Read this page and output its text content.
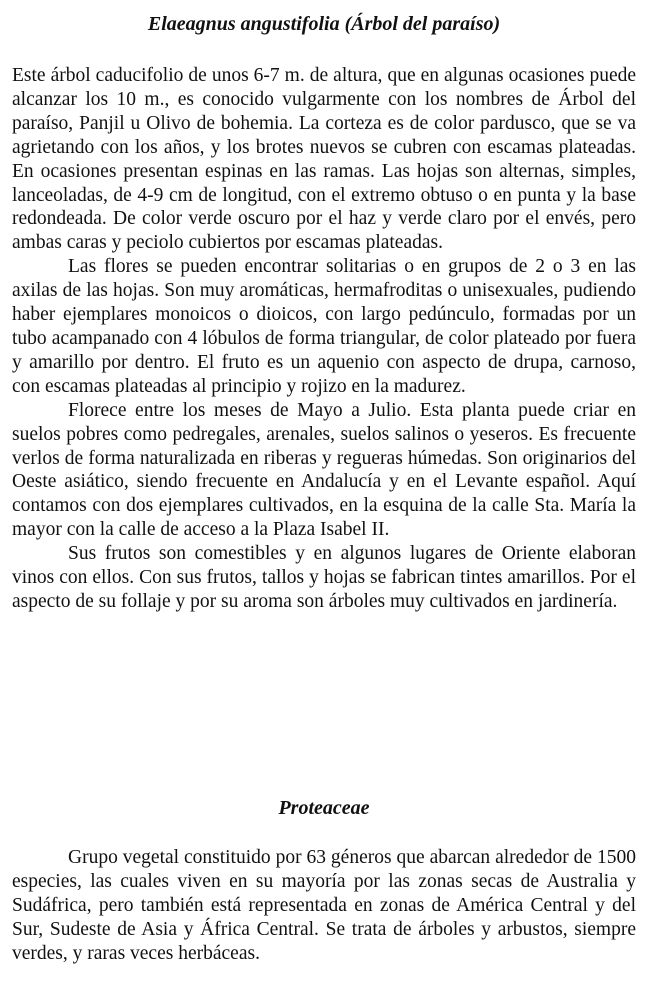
Elaeagnus angustifolia (Árbol del paraíso)

Este árbol caducifolio de unos 6-7 m. de altura, que en algunas ocasiones puede alcanzar los 10 m., es conocido vulgarmente con los nombres de Árbol del paraíso, Panjil u Olivo de bohemia. La corteza es de color pardusco, que se va agrietando con los años, y los brotes nuevos se cubren con escamas plateadas. En ocasiones presentan espinas en las ramas. Las hojas son alternas, simples, lanceoladas, de 4-9 cm de longitud, con el extremo obtuso o en punta y la base redondeada. De color verde oscuro por el haz y verde claro por el envés, pero ambas caras y peciolo cubiertos por escamas plateadas.

Las flores se pueden encontrar solitarias o en grupos de 2 o 3 en las axilas de las hojas. Son muy aromáticas, hermafroditas o unisexuales, pudiendo haber ejemplares monoicos o dioicos, con largo pedúnculo, formadas por un tubo acampanado con 4 lóbulos de forma triangular, de color plateado por fuera y amarillo por dentro. El fruto es un aquenio con aspecto de drupa, carnoso, con escamas plateadas al principio y rojizo en la madurez.

Florece entre los meses de Mayo a Julio. Esta planta puede criar en suelos pobres como pedregales, arenales, suelos salinos o yeseros. Es frecuente verlos de forma naturalizada en riberas y regueras húmedas. Son originarios del Oeste asiático, siendo frecuente en Andalucía y en el Levante español. Aquí contamos con dos ejemplares cultivados, en la esquina de la calle Sta. María la mayor con la calle de acceso a la Plaza Isabel II.

Sus frutos son comestibles y en algunos lugares de Oriente elaboran vinos con ellos. Con sus frutos, tallos y hojas se fabrican tintes amarillos. Por el aspecto de su follaje y por su aroma son árboles muy cultivados en jardinería.

Proteaceae

Grupo vegetal constituido por 63 géneros que abarcan alrededor de 1500 especies, las cuales viven en su mayoría por las zonas secas de Australia y Sudáfrica, pero también está representada en zonas de América Central y del Sur, Sudeste de Asia y África Central. Se trata de árboles y arbustos, siempre verdes, y raras veces herbáceas.
